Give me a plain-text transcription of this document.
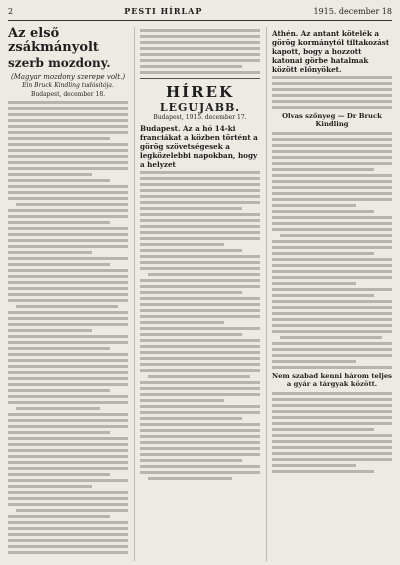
2	PESTI HÍRLAP	1915. december 18
Az első zsákmányolt
szerb mozdony.
(Magyar mozdony szerepe volt.)
Ein Bruck Kindling tudósítója.
Budapest, december 18.	HÍREK
LEGUJABB.
Budapest, 1915. december 17.
Budapest. Az a hó 14-ki franciákat a közben történt a görög szövetségesek a legközelebbi napokban, hogy a helyzet
Athén. Az antant kötelék a görög kormánytól tiltakozást kapott, bogy a hozzott katonai görbe hatalmak között előnyöket.
Olvas szőnyeg — Dr Bruck Kindling
Nem szabad kenni három teljes a gyár a tárgyak között.
